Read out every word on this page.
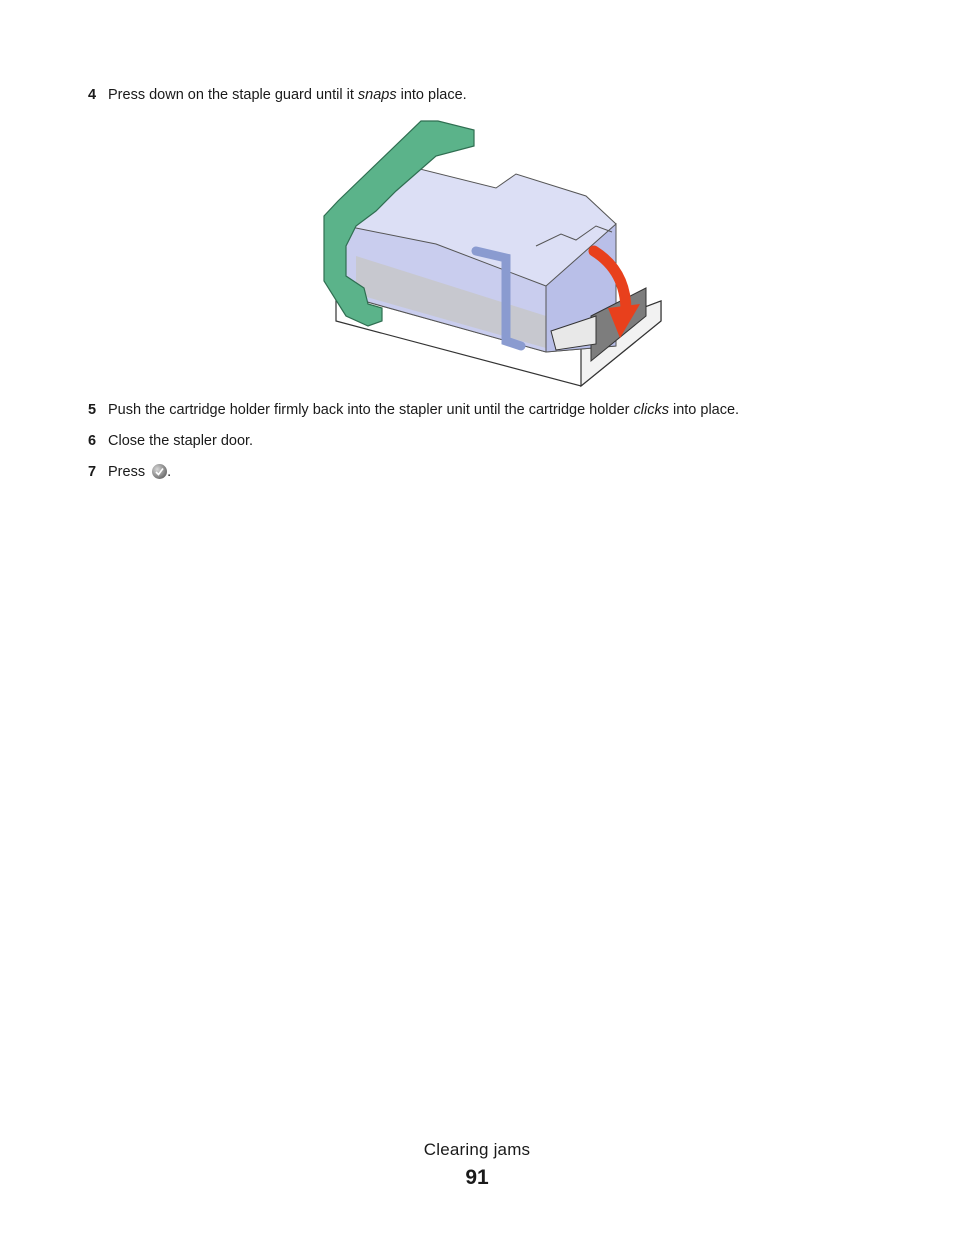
4 Press down on the staple guard until it snaps into place.
5 Push the cartridge holder firmly back into the stapler unit until the cartridge holder clicks into place.
6 Close the stapler door.
7 Press .
Clearing jams
91
